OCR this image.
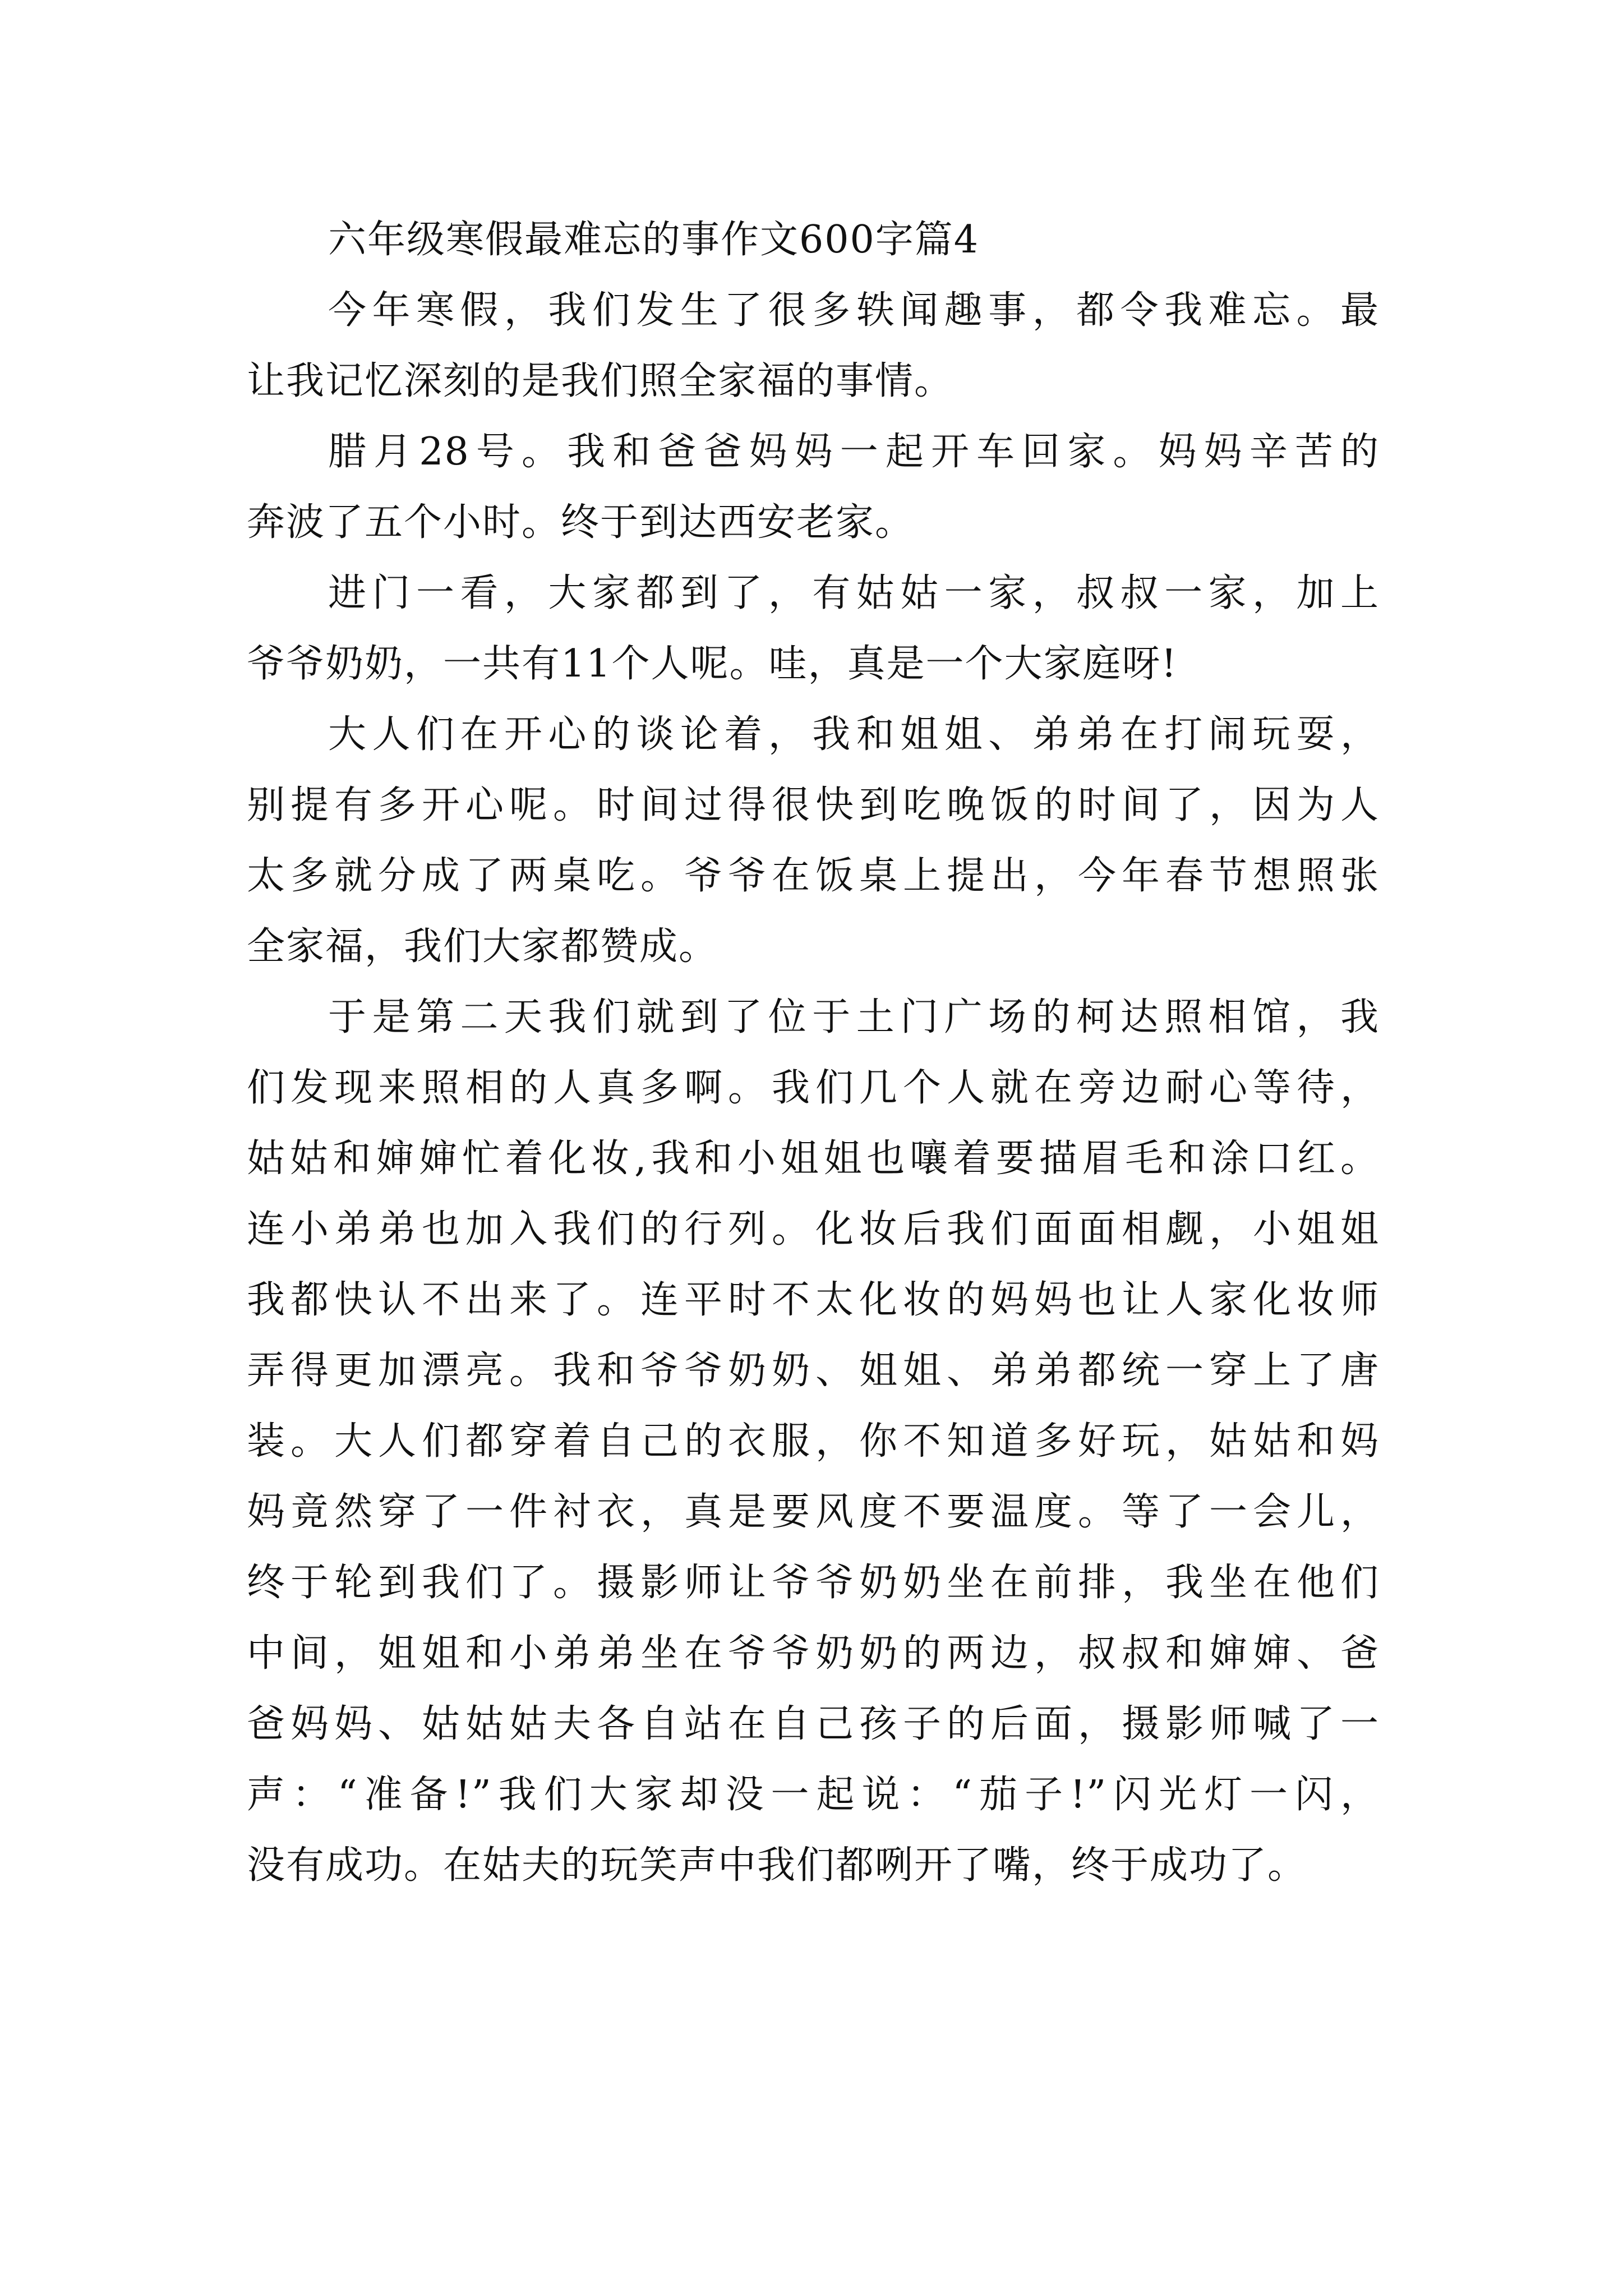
六年级寒假最难忘的事作文600字篇4
今年寒假，我们发生了很多轶闻趣事，都令我难忘。最
让我记忆深刻的是我们照全家福的事情。
腊月28号。我和爸爸妈妈一起开车回家。妈妈辛苦的
奔波了五个小时。终于到达西安老家。
进门一看，大家都到了，有姑姑一家，叔叔一家，加上
爷爷奶奶，一共有11个人呢。哇，真是一个大家庭呀!
大人们在开心的谈论着，我和姐姐、弟弟在打闹玩耍，
别提有多开心呢。时间过得很快到吃晚饭的时间了，因为人
太多就分成了两桌吃。爷爷在饭桌上提出，今年春节想照张
全家福，我们大家都赞成。
于是第二天我们就到了位于土门广场的柯达照相馆，我
们发现来照相的人真多啊。我们几个人就在旁边耐心等待，
姑姑和婶婶忙着化妆,我和小姐姐也嚷着要描眉毛和涂口红。
连小弟弟也加入我们的行列。化妆后我们面面相觑，小姐姐
我都快认不出来了。连平时不太化妆的妈妈也让人家化妆师
弄得更加漂亮。我和爷爷奶奶、姐姐、弟弟都统一穿上了唐
装。大人们都穿着自己的衣服，你不知道多好玩，姑姑和妈
妈竟然穿了一件衬衣，真是要风度不要温度。等了一会儿，
终于轮到我们了。摄影师让爷爷奶奶坐在前排，我坐在他们
中间，姐姐和小弟弟坐在爷爷奶奶的两边，叔叔和婶婶、爸
爸妈妈、姑姑姑夫各自站在自己孩子的后面，摄影师喊了一
声：“准备!”我们大家却没一起说：“茄子!”闪光灯一闪，
没有成功。在姑夫的玩笑声中我们都咧开了嘴，终于成功了。
